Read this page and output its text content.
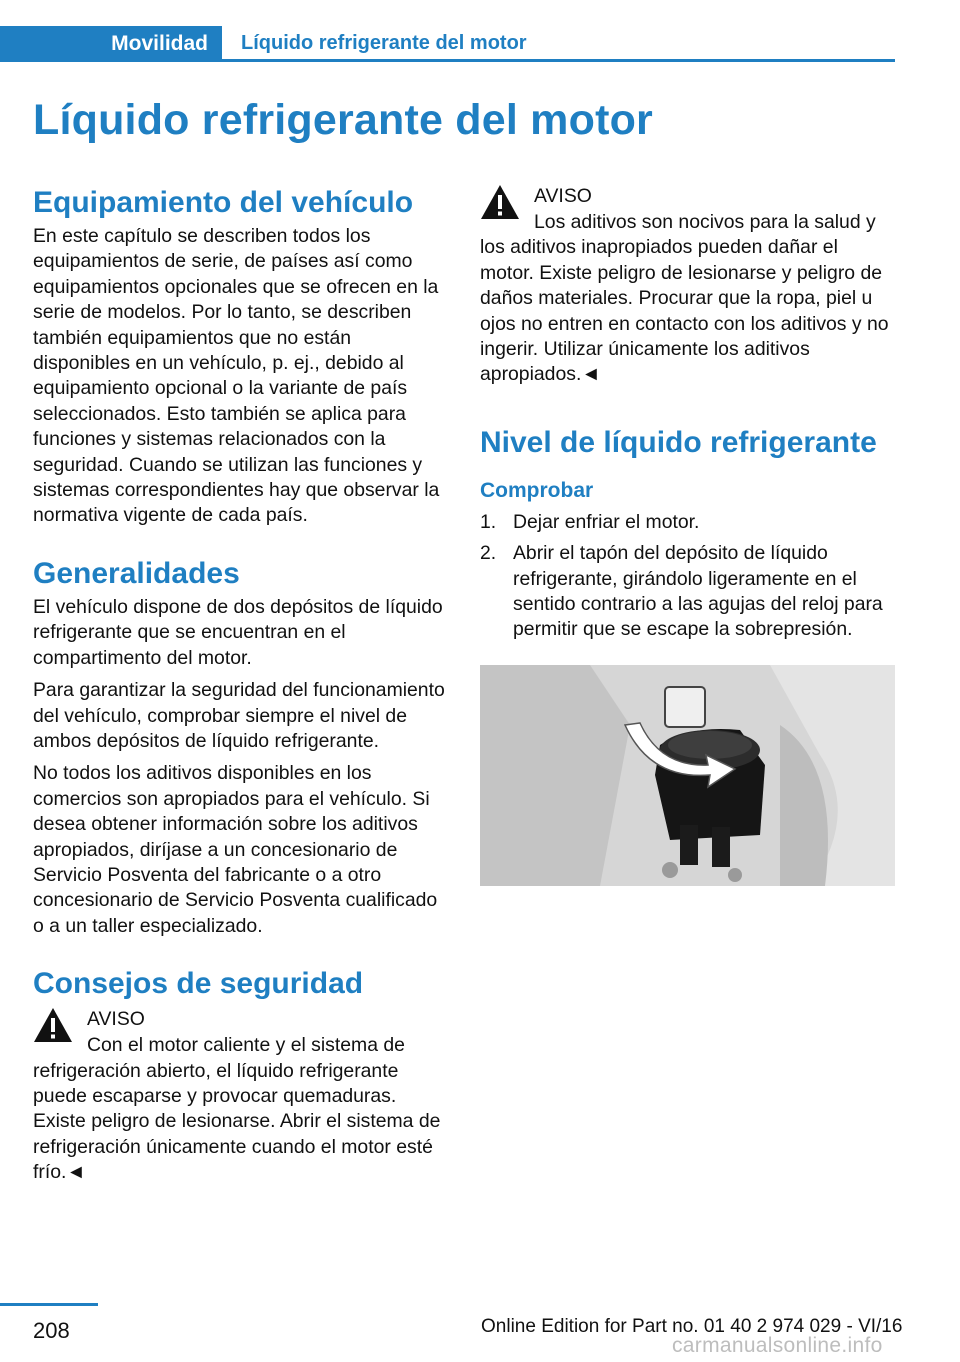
Movilidad	Líquido refrigerante del motor
Líquido refrigerante del motor
Equipamiento del vehículo

En este capítulo se describen todos los equipamientos de serie, de países así como equipamientos opcionales que se ofrecen en la serie de modelos. Por lo tanto, se describen también equipamientos que no están disponibles en un vehículo, p. ej., debido al equipamiento opcional o la variante de país seleccionados. Esto también se aplica para funciones y sistemas relacionados con la seguridad. Cuando se utilizan las funciones y sistemas correspondientes hay que observar la normativa vigente de cada país.

Generalidades

El vehículo dispone de dos depósitos de líquido refrigerante que se encuentran en el compartimento del motor.

Para garantizar la seguridad del funcionamiento del vehículo, comprobar siempre el nivel de ambos depósitos de líquido refrigerante.

No todos los aditivos disponibles en los comercios son apropiados para el vehículo. Si desea obtener información sobre los aditivos apropiados, diríjase a un concesionario de Servicio Posventa del fabricante o a otro concesionario de Servicio Posventa cualificado o a un taller especializado.

Consejos de seguridad
AVISO

Con el motor caliente y el sistema de refrigeración abierto, el líquido refrigerante puede escaparse y provocar quemaduras. Existe peligro de lesionarse. Abrir el sistema de refrigeración únicamente cuando el motor esté frío.◄

AVISO

Los aditivos son nocivos para la salud y los aditivos inapropiados pueden dañar el motor. Existe peligro de lesionarse y peligro de daños materiales. Procurar que la ropa, piel u ojos no entren en contacto con los aditivos y no ingerir. Utilizar únicamente los aditivos apropiados.◄

Nivel de líquido refrigerante
Comprobar
1. Dejar enfriar el motor.
2. Abrir el tapón del depósito de líquido refrigerante, girándolo ligeramente en el sentido contrario a las agujas del reloj para permitir que se escape la sobrepresión.
208	Online Edition for Part no. 01 40 2 974 029 - VI/16
carmanualsonline.info
